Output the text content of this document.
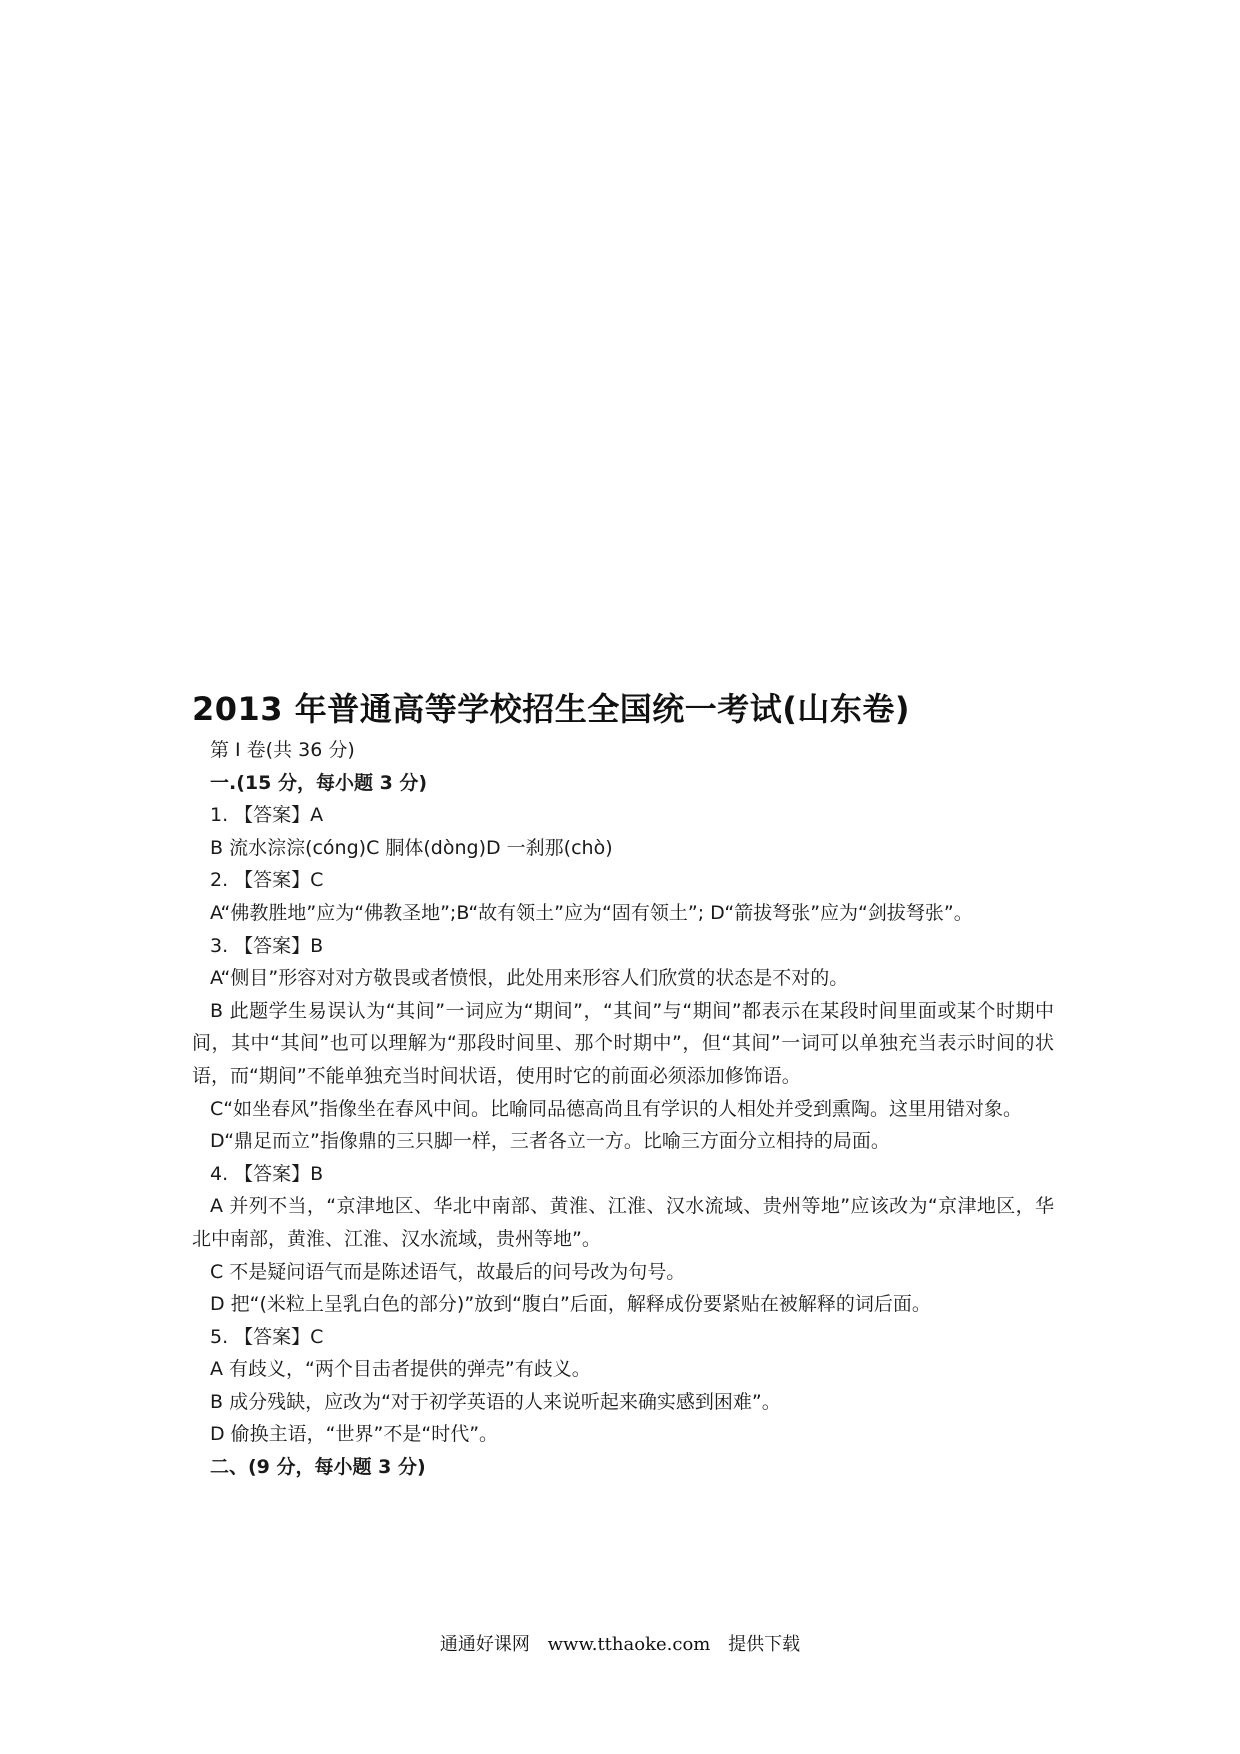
2013 年普通高等学校招生全国统一考试(山东卷)
第 I 卷(共 36 分)
一.(15 分，每小题 3 分)
1. 【答案】A
B 流水淙淙(cóng)C 胴体(dòng)D 一刹那(chò)
2. 【答案】C
A“佛教胜地”应为“佛教圣地”;B“故有领土”应为“固有领土”; D“箭拔弩张”应为“剑拔弩张”。
3. 【答案】B
A“侧目”形容对对方敬畏或者愤恨，此处用来形容人们欣赏的状态是不对的。
B 此题学生易误认为“其间”一词应为“期间”，“其间”与“期间”都表示在某段时间里面或某个时期中间，其中“其间”也可以理解为“那段时间里、那个时期中”，但“其间”一词可以单独充当表示时间的状语，而“期间”不能单独充当时间状语，使用时它的前面必须添加修饰语。
C“如坐春风”指像坐在春风中间。比喻同品德高尚且有学识的人相处并受到熏陶。这里用错对象。
D“鼎足而立”指像鼎的三只脚一样，三者各立一方。比喻三方面分立相持的局面。
4. 【答案】B
A 并列不当，“京津地区、华北中南部、黄淮、江淮、汉水流域、贵州等地”应该改为“京津地区，华北中南部，黄淮、江淮、汉水流域，贵州等地”。
C 不是疑问语气而是陈述语气，故最后的问号改为句号。
D 把“(米粒上呈乳白色的部分)”放到“腹白”后面，解释成份要紧贴在被解释的词后面。
5. 【答案】C
A 有歧义，“两个目击者提供的弹壳”有歧义。
B 成分残缺，应改为“对于初学英语的人来说听起来确实感到困难”。
D 偷换主语，“世界”不是“时代”。
二、(9 分，每小题 3 分)
通通好课网 www.tthaoke.com 提供下载
